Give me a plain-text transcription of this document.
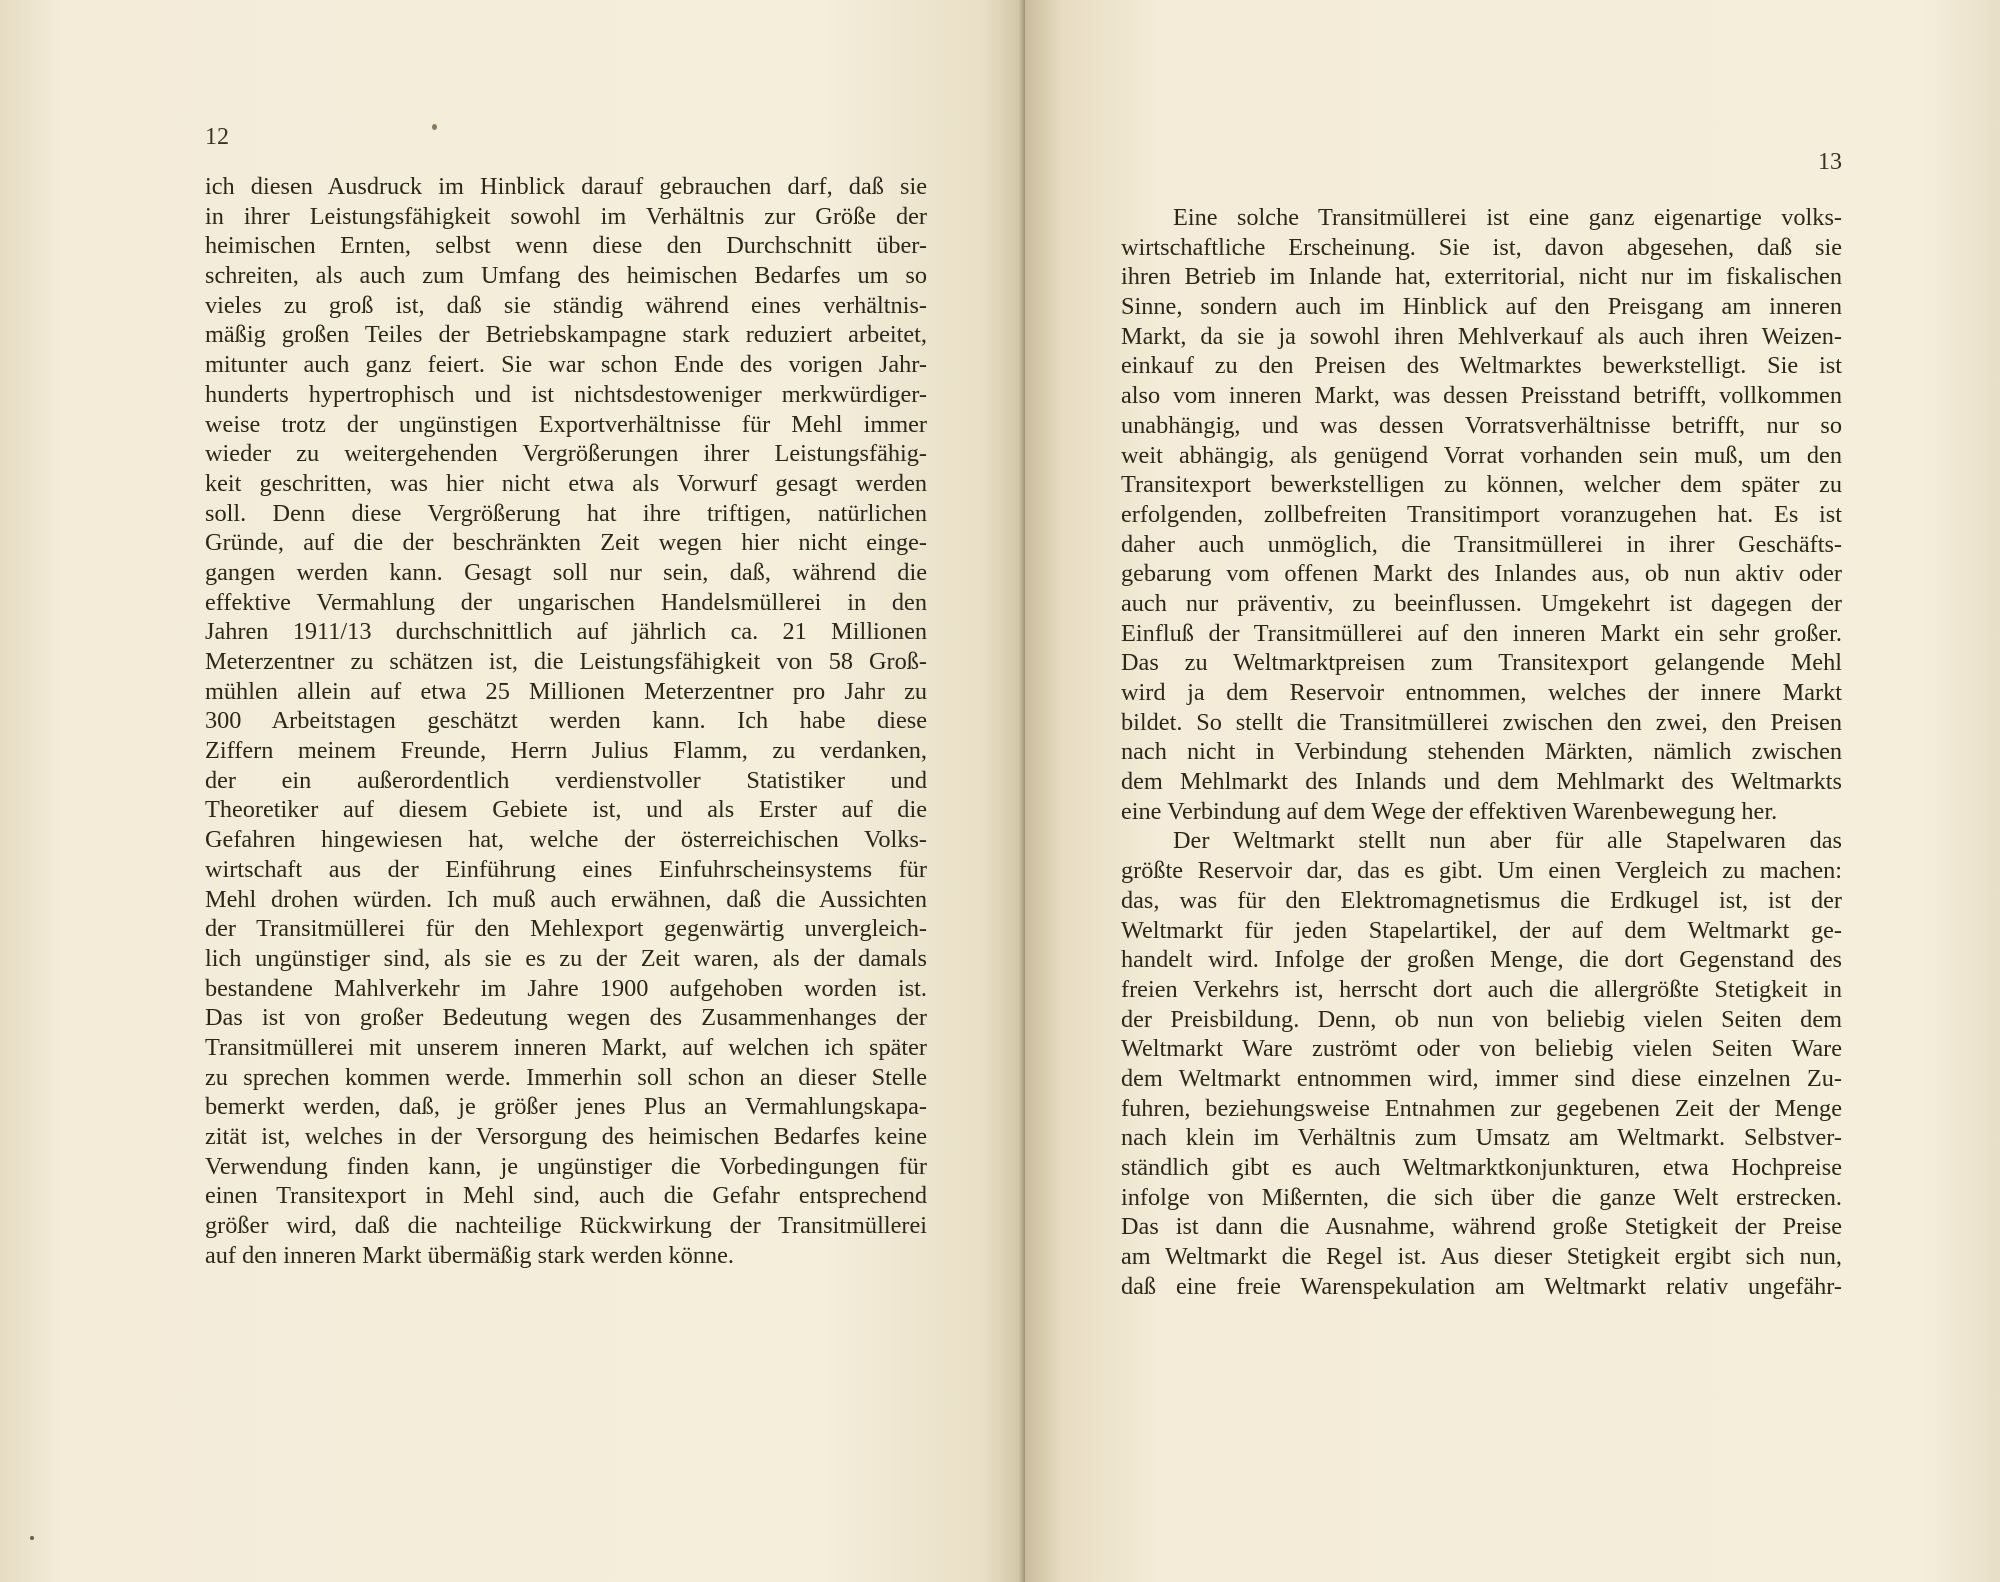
12
ich diesen Ausdruck im Hinblick darauf gebrauchen darf, daß sie
in ihrer Leistungsfähigkeit sowohl im Verhältnis zur Größe der
heimischen Ernten, selbst wenn diese den Durchschnitt über-
schreiten, als auch zum Umfang des heimischen Bedarfes um so
vieles zu groß ist, daß sie ständig während eines verhältnis-
mäßig großen Teiles der Betriebskampagne stark reduziert arbeitet,
mitunter auch ganz feiert. Sie war schon Ende des vorigen Jahr-
hunderts hypertrophisch und ist nichtsdestoweniger merkwürdiger-
weise trotz der ungünstigen Exportverhältnisse für Mehl immer
wieder zu weitergehenden Vergrößerungen ihrer Leistungsfähig-
keit geschritten, was hier nicht etwa als Vorwurf gesagt werden
soll. Denn diese Vergrößerung hat ihre triftigen, natürlichen
Gründe, auf die der beschränkten Zeit wegen hier nicht einge-
gangen werden kann. Gesagt soll nur sein, daß, während die
effektive Vermahlung der ungarischen Handelsmüllerei in den
Jahren 1911/13 durchschnittlich auf jährlich ca. 21 Millionen
Meterzentner zu schätzen ist, die Leistungsfähigkeit von 58 Groß-
mühlen allein auf etwa 25 Millionen Meterzentner pro Jahr zu
300 Arbeitstagen geschätzt werden kann. Ich habe diese
Ziffern meinem Freunde, Herrn Julius Flamm, zu verdanken,
der ein außerordentlich verdienstvoller Statistiker und
Theoretiker auf diesem Gebiete ist, und als Erster auf die
Gefahren hingewiesen hat, welche der österreichischen Volks-
wirtschaft aus der Einführung eines Einfuhrscheinsystems für
Mehl drohen würden. Ich muß auch erwähnen, daß die Aussichten
der Transitmüllerei für den Mehlexport gegenwärtig unvergleich-
lich ungünstiger sind, als sie es zu der Zeit waren, als der damals
bestandene Mahlverkehr im Jahre 1900 aufgehoben worden ist.
Das ist von großer Bedeutung wegen des Zusammenhanges der
Transitmüllerei mit unserem inneren Markt, auf welchen ich später
zu sprechen kommen werde. Immerhin soll schon an dieser Stelle
bemerkt werden, daß, je größer jenes Plus an Vermahlungskapa-
zität ist, welches in der Versorgung des heimischen Bedarfes keine
Verwendung finden kann, je ungünstiger die Vorbedingungen für
einen Transitexport in Mehl sind, auch die Gefahr entsprechend
größer wird, daß die nachteilige Rückwirkung der Transitmüllerei
auf den inneren Markt übermäßig stark werden könne.
13
Eine solche Transitmüllerei ist eine ganz eigenartige volks-
wirtschaftliche Erscheinung. Sie ist, davon abgesehen, daß sie
ihren Betrieb im Inlande hat, exterritorial, nicht nur im fiskalischen
Sinne, sondern auch im Hinblick auf den Preisgang am inneren
Markt, da sie ja sowohl ihren Mehlverkauf als auch ihren Weizen-
einkauf zu den Preisen des Weltmarktes bewerkstelligt. Sie ist
also vom inneren Markt, was dessen Preisstand betrifft, vollkommen
unabhängig, und was dessen Vorratsverhältnisse betrifft, nur so
weit abhängig, als genügend Vorrat vorhanden sein muß, um den
Transitexport bewerkstelligen zu können, welcher dem später zu
erfolgenden, zollbefreiten Transitimport voranzugehen hat. Es ist
daher auch unmöglich, die Transitmüllerei in ihrer Geschäfts-
gebarung vom offenen Markt des Inlandes aus, ob nun aktiv oder
auch nur präventiv, zu beeinflussen. Umgekehrt ist dagegen der
Einfluß der Transitmüllerei auf den inneren Markt ein sehr großer.
Das zu Weltmarktpreisen zum Transitexport gelangende Mehl
wird ja dem Reservoir entnommen, welches der innere Markt
bildet. So stellt die Transitmüllerei zwischen den zwei, den Preisen
nach nicht in Verbindung stehenden Märkten, nämlich zwischen
dem Mehlmarkt des Inlands und dem Mehlmarkt des Weltmarkts
eine Verbindung auf dem Wege der effektiven Warenbewegung her.
Der Weltmarkt stellt nun aber für alle Stapelwaren das
größte Reservoir dar, das es gibt. Um einen Vergleich zu machen:
das, was für den Elektromagnetismus die Erdkugel ist, ist der
Weltmarkt für jeden Stapelartikel, der auf dem Weltmarkt ge-
handelt wird. Infolge der großen Menge, die dort Gegenstand des
freien Verkehrs ist, herrscht dort auch die allergrößte Stetigkeit in
der Preisbildung. Denn, ob nun von beliebig vielen Seiten dem
Weltmarkt Ware zuströmt oder von beliebig vielen Seiten Ware
dem Weltmarkt entnommen wird, immer sind diese einzelnen Zu-
fuhren, beziehungsweise Entnahmen zur gegebenen Zeit der Menge
nach klein im Verhältnis zum Umsatz am Weltmarkt. Selbstver-
ständlich gibt es auch Weltmarktkonjunkturen, etwa Hochpreise
infolge von Mißernten, die sich über die ganze Welt erstrecken.
Das ist dann die Ausnahme, während große Stetigkeit der Preise
am Weltmarkt die Regel ist. Aus dieser Stetigkeit ergibt sich nun,
daß eine freie Warenspekulation am Weltmarkt relativ ungefähr-
